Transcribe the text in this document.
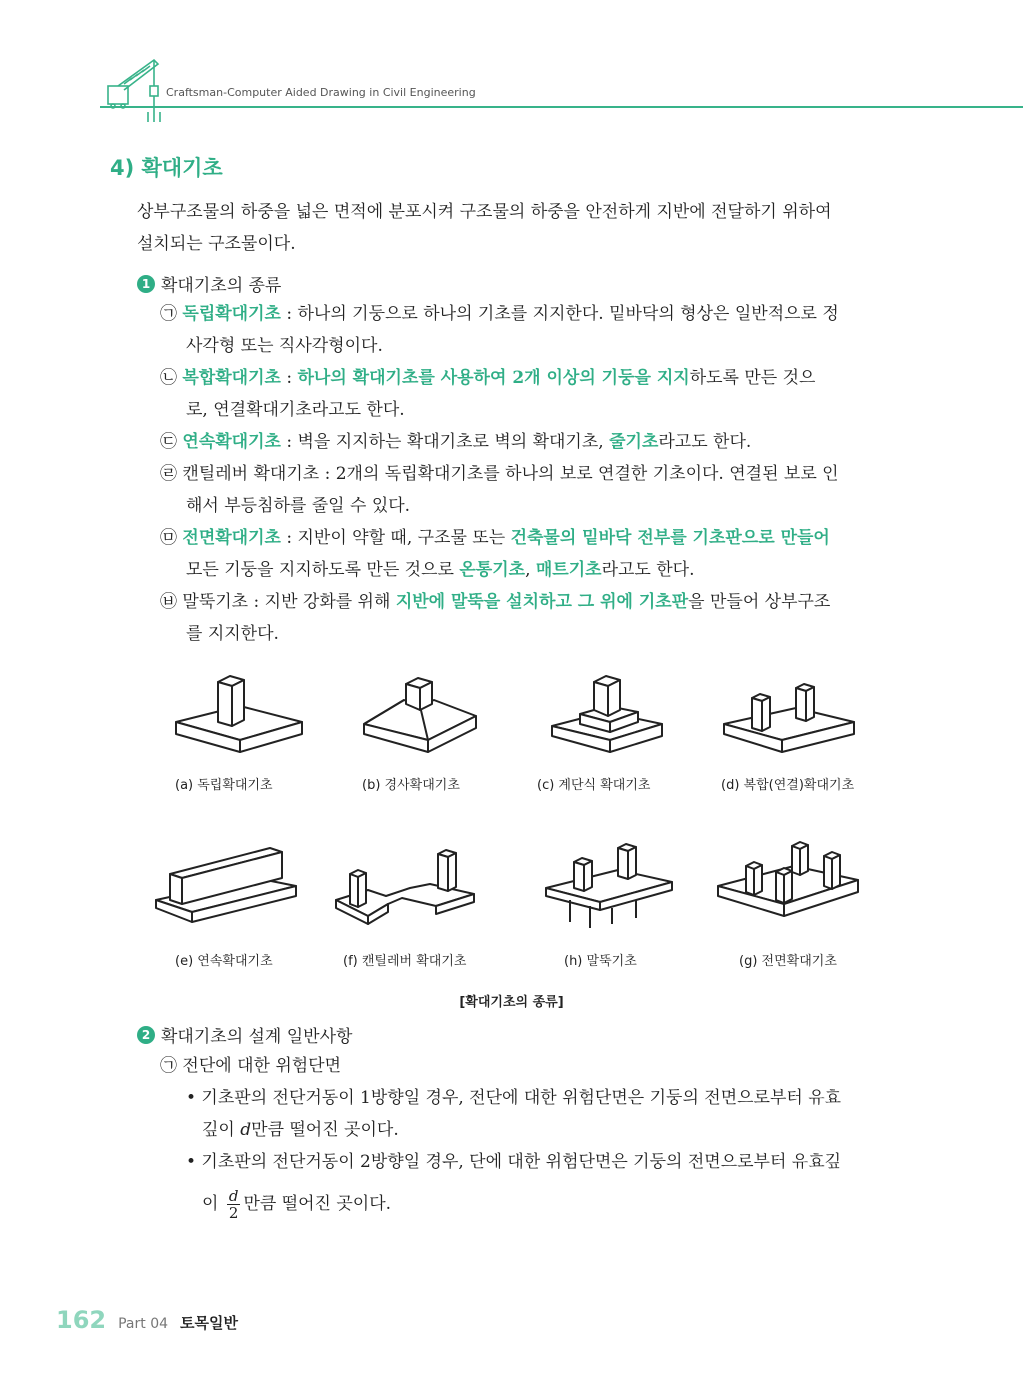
Craftsman-Computer Aided Drawing in Civil Engineering
4) 확대기초
상부구조물의 하중을 넓은 면적에 분포시켜 구조물의 하중을 안전하게 지반에 전달하기 위하여
설치되는 구조물이다.
1 확대기초의 종류
㉠ 독립확대기초 : 하나의 기둥으로 하나의 기초를 지지한다. 밑바닥의 형상은 일반적으로 정
사각형 또는 직사각형이다.
㉡ 복합확대기초 : 하나의 확대기초를 사용하여 2개 이상의 기둥을 지지하도록 만든 것으
로, 연결확대기초라고도 한다.
㉢ 연속확대기초 : 벽을 지지하는 확대기초로 벽의 확대기초, 줄기초라고도 한다.
㉣ 캔틸레버 확대기초 : 2개의 독립확대기초를 하나의 보로 연결한 기초이다. 연결된 보로 인
해서 부등침하를 줄일 수 있다.
㉤ 전면확대기초 : 지반이 약할 때, 구조물 또는 건축물의 밑바닥 전부를 기초판으로 만들어
모든 기둥을 지지하도록 만든 것으로 온통기초, 매트기초라고도 한다.
㉥ 말뚝기초 : 지반 강화를 위해 지반에 말뚝을 설치하고 그 위에 기초판을 만들어 상부구조
를 지지한다.
(a) 독립확대기초	(b) 경사확대기초	(c) 계단식 확대기초	(d) 복합(연결)확대기초
(e) 연속확대기초	(f) 캔틸레버 확대기초	(h) 말뚝기초	(g) 전면확대기초
[확대기초의 종류]
2 확대기초의 설계 일반사항
㉠ 전단에 대한 위험단면
• 기초판의 전단거동이 1방향일 경우, 전단에 대한 위험단면은 기둥의 전면으로부터 유효
깊이 d만큼 떨어진 곳이다.
• 기초판의 전단거동이 2방향일 경우, 단에 대한 위험단면은 기둥의 전면으로부터 유효깊
이 $\frac{d}{2}$ 만큼 떨어진 곳이다.
162 Part 04 토목일반
